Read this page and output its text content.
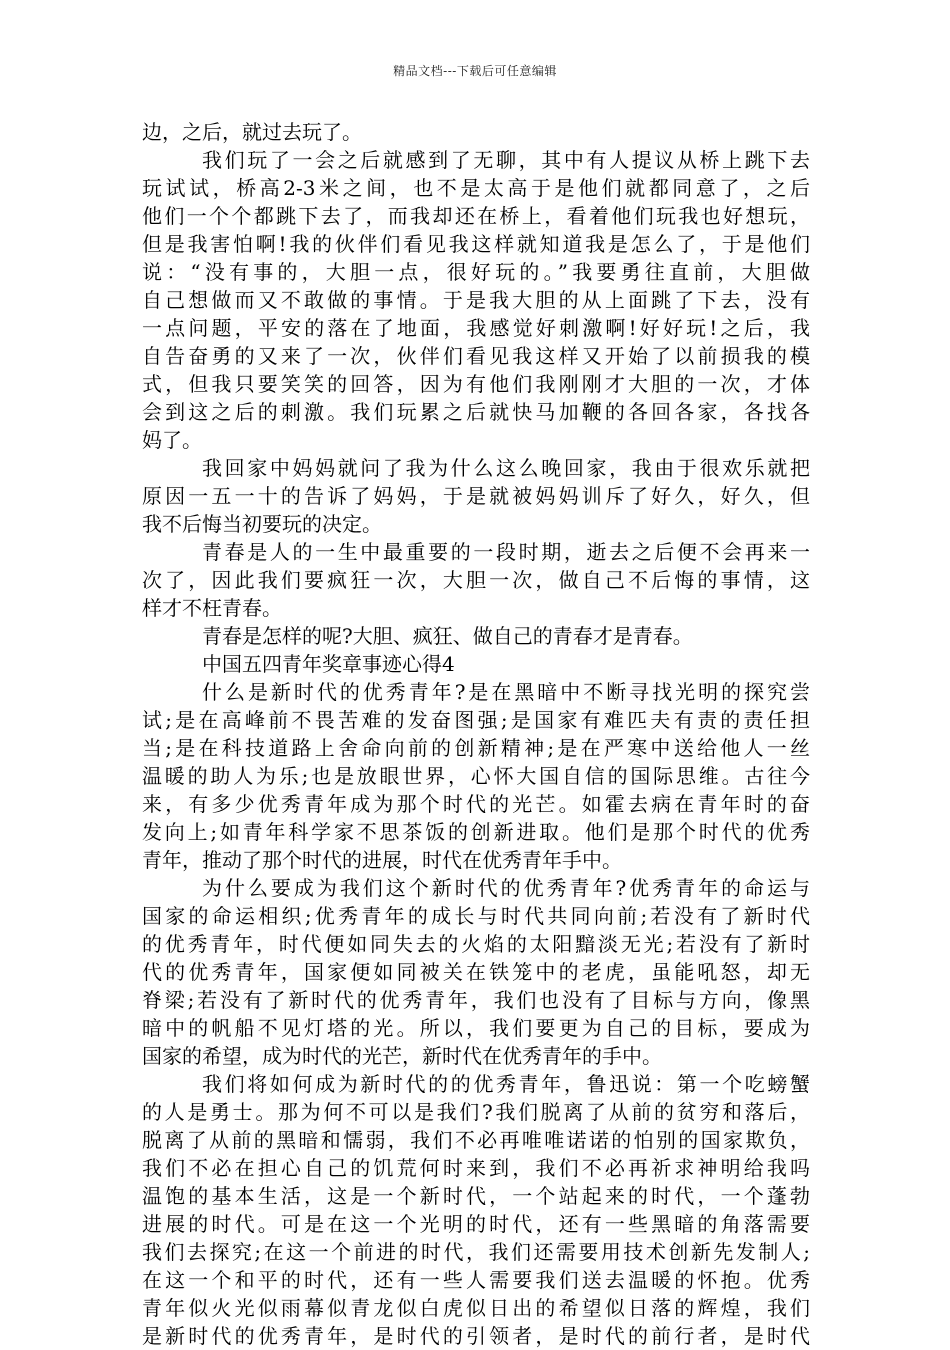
精品文档---下载后可任意编辑
边，之后，就过去玩了。
我们玩了一会之后就感到了无聊，其中有人提议从桥上跳下去
玩试试，桥高2-3米之间，也不是太高于是他们就都同意了，之后
他们一个个都跳下去了，而我却还在桥上，看着他们玩我也好想玩，
但是我害怕啊!我的伙伴们看见我这样就知道我是怎么了，于是他们
说：“没有事的，大胆一点，很好玩的。”我要勇往直前，大胆做
自己想做而又不敢做的事情。于是我大胆的从上面跳了下去，没有
一点问题，平安的落在了地面，我感觉好刺激啊!好好玩!之后，我
自告奋勇的又来了一次，伙伴们看见我这样又开始了以前损我的模
式，但我只要笑笑的回答，因为有他们我刚刚才大胆的一次，才体
会到这之后的刺激。我们玩累之后就快马加鞭的各回各家，各找各
妈了。
我回家中妈妈就问了我为什么这么晚回家，我由于很欢乐就把
原因一五一十的告诉了妈妈，于是就被妈妈训斥了好久，好久，但
我不后悔当初要玩的决定。
青春是人的一生中最重要的一段时期，逝去之后便不会再来一
次了，因此我们要疯狂一次，大胆一次，做自己不后悔的事情，这
样才不枉青春。
青春是怎样的呢?大胆、疯狂、做自己的青春才是青春。
中国五四青年奖章事迹心得4
什么是新时代的优秀青年?是在黑暗中不断寻找光明的探究尝
试;是在高峰前不畏苦难的发奋图强;是国家有难匹夫有责的责任担
当;是在科技道路上舍命向前的创新精神;是在严寒中送给他人一丝
温暖的助人为乐;也是放眼世界，心怀大国自信的国际思维。古往今
来，有多少优秀青年成为那个时代的光芒。如霍去病在青年时的奋
发向上;如青年科学家不思茶饭的创新进取。他们是那个时代的优秀
青年，推动了那个时代的进展，时代在优秀青年手中。
为什么要成为我们这个新时代的优秀青年?优秀青年的命运与
国家的命运相织;优秀青年的成长与时代共同向前;若没有了新时代
的优秀青年，时代便如同失去的火焰的太阳黯淡无光;若没有了新时
代的优秀青年，国家便如同被关在铁笼中的老虎，虽能吼怒，却无
脊梁;若没有了新时代的优秀青年，我们也没有了目标与方向，像黑
暗中的帆船不见灯塔的光。所以，我们要更为自己的目标，要成为
国家的希望，成为时代的光芒，新时代在优秀青年的手中。
我们将如何成为新时代的的优秀青年，鲁迅说：第一个吃螃蟹
的人是勇士。那为何不可以是我们?我们脱离了从前的贫穷和落后，
脱离了从前的黑暗和懦弱，我们不必再唯唯诺诺的怕别的国家欺负，
我们不必在担心自己的饥荒何时来到，我们不必再祈求神明给我吗
温饱的基本生活，这是一个新时代，一个站起来的时代，一个蓬勃
进展的时代。可是在这一个光明的时代，还有一些黑暗的角落需要
我们去探究;在这一个前进的时代，我们还需要用技术创新先发制人;
在这一个和平的时代，还有一些人需要我们送去温暖的怀抱。优秀
青年似火光似雨幕似青龙似白虎似日出的希望似日落的辉煌，我们
是新时代的优秀青年，是时代的引领者，是时代的前行者，是时代
